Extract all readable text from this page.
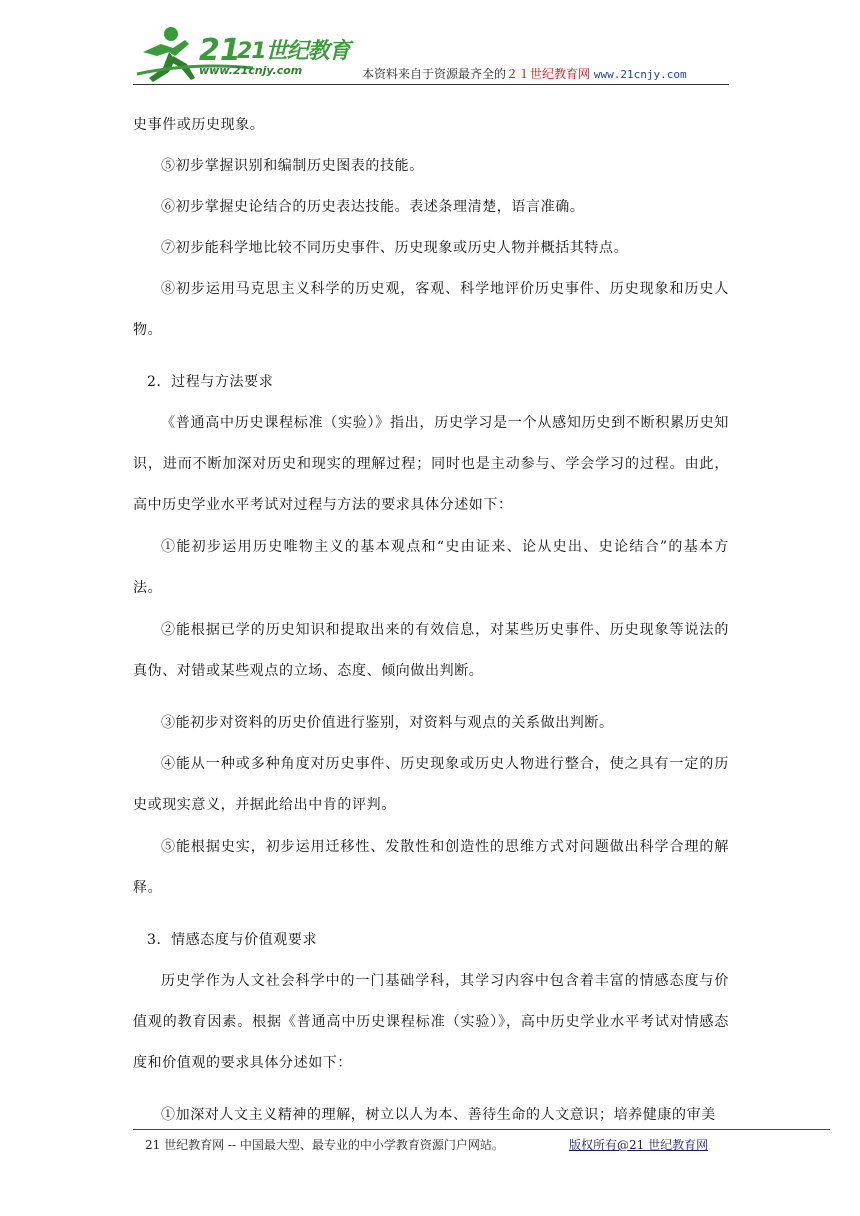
21
21世纪教育
www.21cnjy.com	本资料来自于资源最齐全的２１世纪教育网 www.21cnjy.com

史事件或历史现象。

⑤初步掌握识别和编制历史图表的技能。

⑥初步掌握史论结合的历史表达技能。表述条理清楚，语言准确。

⑦初步能科学地比较不同历史事件、历史现象或历史人物并概括其特点。

⑧初步运用马克思主义科学的历史观，客观、科学地评价历史事件、历史现象和历史人物。

2．过程与方法要求

《普通高中历史课程标准（实验）》指出，历史学习是一个从感知历史到不断积累历史知识，进而不断加深对历史和现实的理解过程；同时也是主动参与、学会学习的过程。由此，高中历史学业水平考试对过程与方法的要求具体分述如下：

①能初步运用历史唯物主义的基本观点和“史由证来、论从史出、史论结合”的基本方法。

②能根据已学的历史知识和提取出来的有效信息，对某些历史事件、历史现象等说法的真伪、对错或某些观点的立场、态度、倾向做出判断。

③能初步对资料的历史价值进行鉴别，对资料与观点的关系做出判断。

④能从一种或多种角度对历史事件、历史现象或历史人物进行整合，使之具有一定的历史或现实意义，并据此给出中肯的评判。

⑤能根据史实，初步运用迁移性、发散性和创造性的思维方式对问题做出科学合理的解释。

3．情感态度与价值观要求

历史学作为人文社会科学中的一门基础学科，其学习内容中包含着丰富的情感态度与价值观的教育因素。根据《普通高中历史课程标准（实验）》，高中历史学业水平考试对情感态度和价值观的要求具体分述如下：

①加深对人文主义精神的理解，树立以人为本、善待生命的人文意识；培养健康的审美

21 世纪教育网 -- 中国最大型、最专业的中小学教育资源门户网站。	版权所有@21 世纪教育网
